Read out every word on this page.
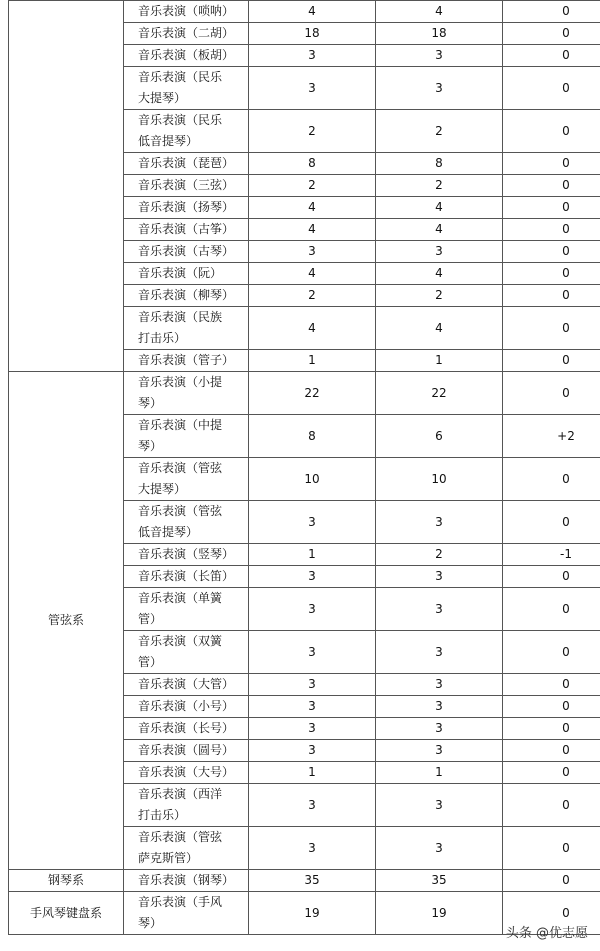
	音乐表演（唢呐）	4	4	0
	音乐表演（二胡）	18	18	0
	音乐表演（板胡）	3	3	0

	音乐表演（民乐
大提琴）	3	3	0

	音乐表演（民乐
低音提琴）	2	2	0
	音乐表演（琵琶）	8	8	0
	音乐表演（三弦）	2	2	0
	音乐表演（扬琴）	4	4	0
	音乐表演（古筝）	4	4	0
	音乐表演（古琴）	3	3	0
	音乐表演（阮）	4	4	0
	音乐表演（柳琴）	2	2	0

	音乐表演（民族
打击乐）	4	4	0
	音乐表演（管子）	1	1	0
管弦系	音乐表演（小提
琴）	22	22	0

	音乐表演（中提
琴）	8	6	+2

	音乐表演（管弦
大提琴）	10	10	0

	音乐表演（管弦
低音提琴）	3	3	0
	音乐表演（竖琴）	1	2	-1
	音乐表演（长笛）	3	3	0

	音乐表演（单簧
管）	3	3	0

	音乐表演（双簧
管）	3	3	0
	音乐表演（大管）	3	3	0
	音乐表演（小号）	3	3	0
	音乐表演（长号）	3	3	0
	音乐表演（圆号）	3	3	0
	音乐表演（大号）	1	1	0

	音乐表演（西洋
打击乐）	3	3	0

	音乐表演（管弦
萨克斯管）	3	3	0
钢琴系	音乐表演（钢琴）	35	35	0
手风琴键盘系	音乐表演（手风
琴）	19	19	0
头条 @优志愿
